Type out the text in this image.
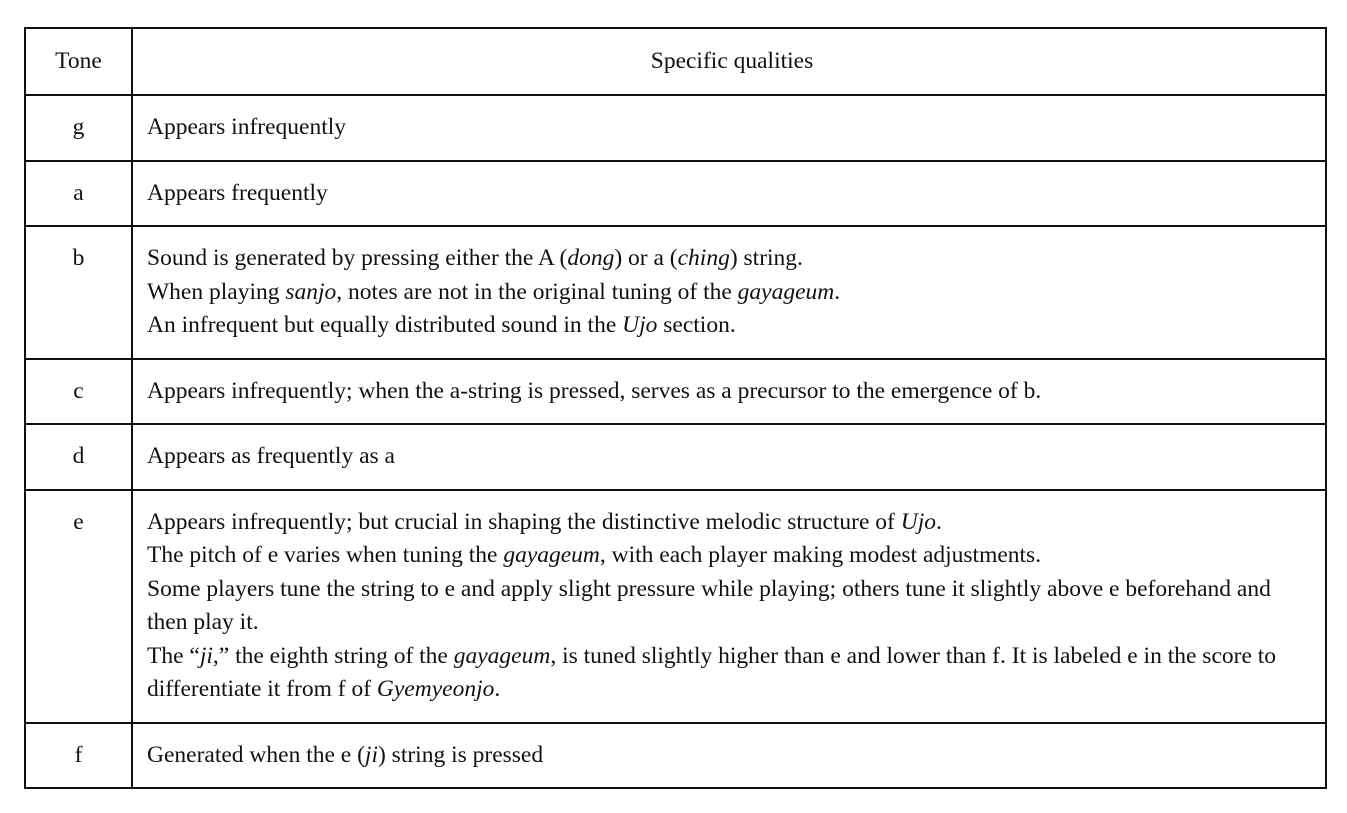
Tone	Specific qualities
g	Appears infrequently

a	Appears frequently

b	Sound is generated by pressing either the A (dong) or a (ching) string.
When playing sanjo, notes are not in the original tuning of the gayageum.
An infrequent but equally distributed sound in the Ujo section.

c	Appears infrequently; when the a-string is pressed, serves as a precursor to the emergence of b.

d	Appears as frequently as a

e	Appears infrequently; but crucial in shaping the distinctive melodic structure of Ujo.
The pitch of e varies when tuning the gayageum, with each player making modest adjustments.
Some players tune the string to e and apply slight pressure while playing; others tune it slightly above e beforehand and then play it.
The “ji,” the eighth string of the gayageum, is tuned slightly higher than e and lower than f. It is labeled e in the score to differentiate it from f of Gyemyeonjo.

f	Generated when the e (ji) string is pressed
